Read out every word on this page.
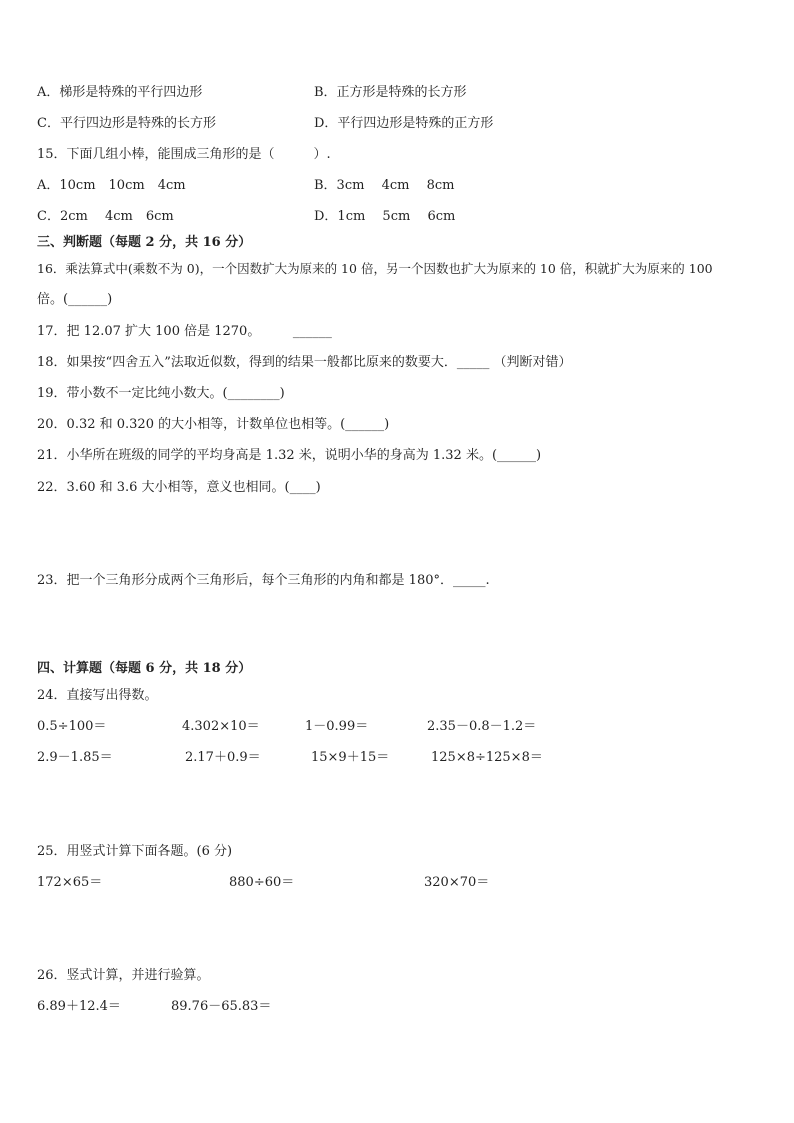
A．梯形是特殊的平行四边形	B．正方形是特殊的长方形
C．平行四边形是特殊的长方形	D．平行四边形是特殊的正方形
15．下面几组小棒，能围成三角形的是（　　　）.
A．10cm　10cm　4cm	B．3cm　 4cm　 8cm
C．2cm　 4cm　6cm	D．1cm　 5cm　 6cm
三、判断题（每题 2 分，共 16 分）
16．乘法算式中(乘数不为 0)，一个因数扩大为原来的 10 倍，另一个因数也扩大为原来的 10 倍，积就扩大为原来的 100
倍。(______)
17．把 12.07 扩大 100 倍是 1270。　　　______
18．如果按“四舍五入”法取近似数，得到的结果一般都比原来的数要大．_____ （判断对错）
19．带小数不一定比纯小数大。(________)
20．0.32 和 0.320 的大小相等，计数单位也相等。(______)
21．小华所在班级的同学的平均身高是 1.32 米，说明小华的身高为 1.32 米。(______)
22．3.60 和 3.6 大小相等，意义也相同。(____)
23．把一个三角形分成两个三角形后，每个三角形的内角和都是 180°．_____.
四、计算题（每题 6 分，共 18 分）
24．直接写出得数。
0.5÷100＝	4.302×10＝	1－0.99＝	2.35－0.8－1.2＝
2.9－1.85＝	2.17＋0.9＝	15×9＋15＝	125×8÷125×8＝
25．用竖式计算下面各题。(6 分)
172×65＝	880÷60＝	320×70＝
26．竖式计算，并进行验算。
6.89＋12.4＝	89.76－65.83＝
